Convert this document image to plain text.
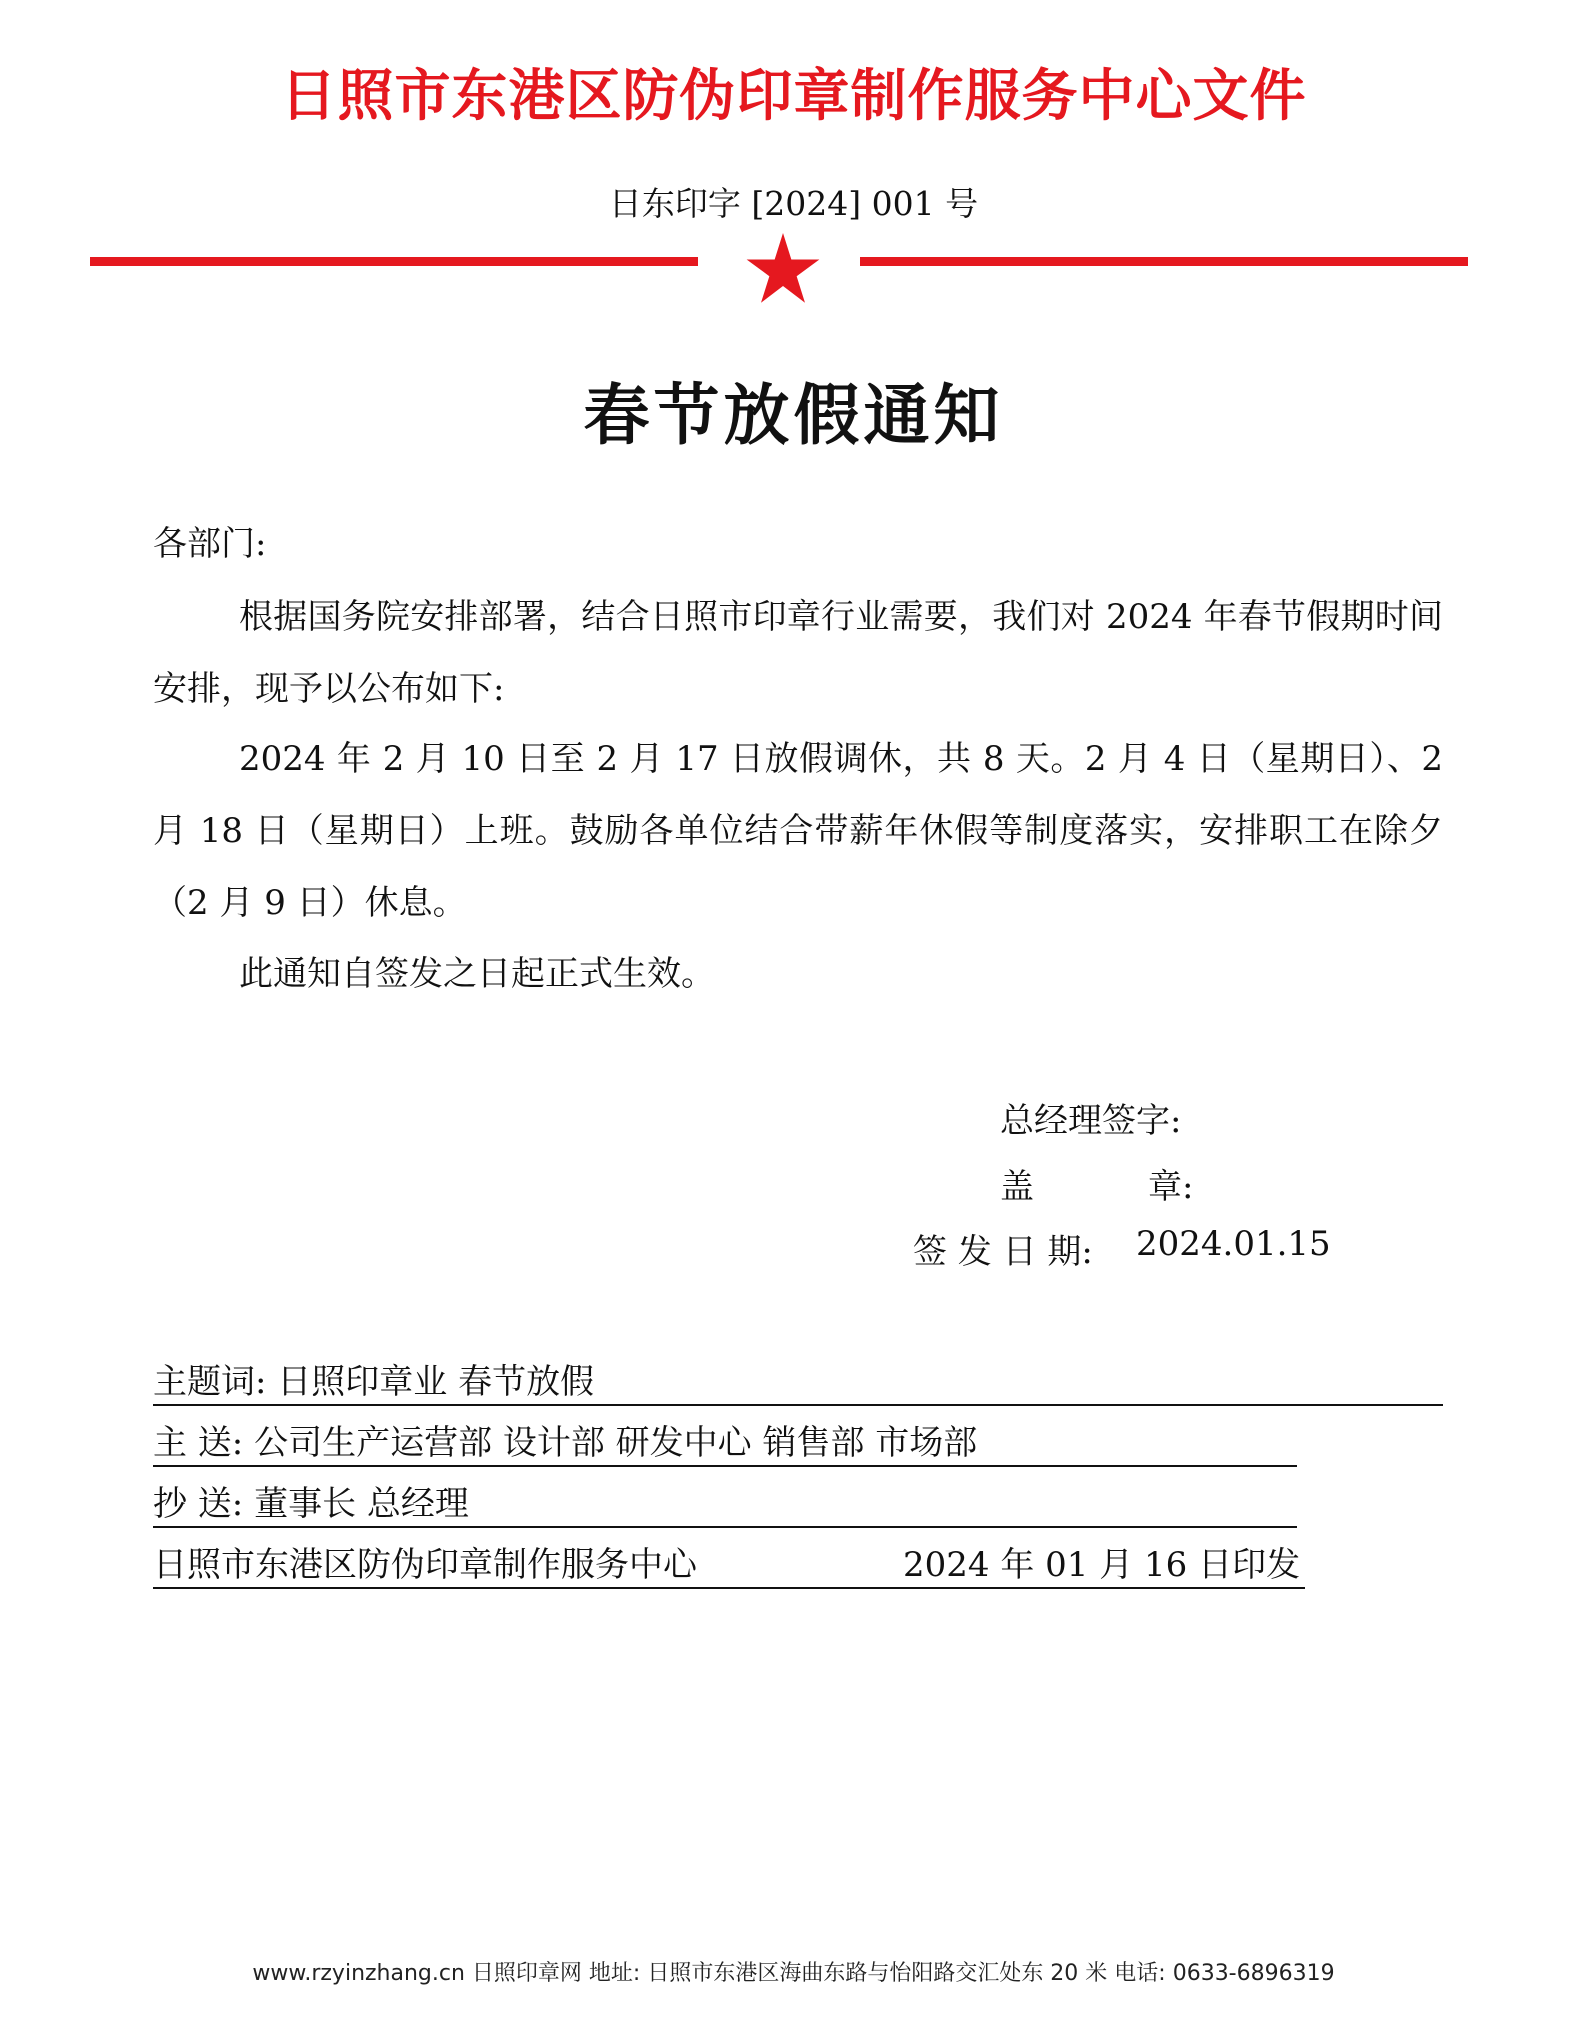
日照市东港区防伪印章制作服务中心文件
日东印字 [2024] 001 号
春节放假通知
各部门:
根据国务院安排部署，结合日照市印章行业需要，我们对 2024 年春节假期时间安排，现予以公布如下:
2024 年 2 月 10 日至 2 月 17 日放假调休，共 8 天。2 月 4 日（星期日）、2 月 18 日（星期日）上班。鼓励各单位结合带薪年休假等制度落实，安排职工在除夕（2 月 9 日）休息。
此通知自签发之日起正式生效。
总经理签字:
盖	章:
签 发 日 期: 2024.01.15
主题词: 日照印章业 春节放假
主 送: 公司生产运营部 设计部 研发中心 销售部 市场部
抄 送: 董事长 总经理
日照市东港区防伪印章制作服务中心	2024 年 01 月 16 日印发
www.rzyinzhang.cn 日照印章网 地址: 日照市东港区海曲东路与怡阳路交汇处东 20 米 电话: 0633-6896319
